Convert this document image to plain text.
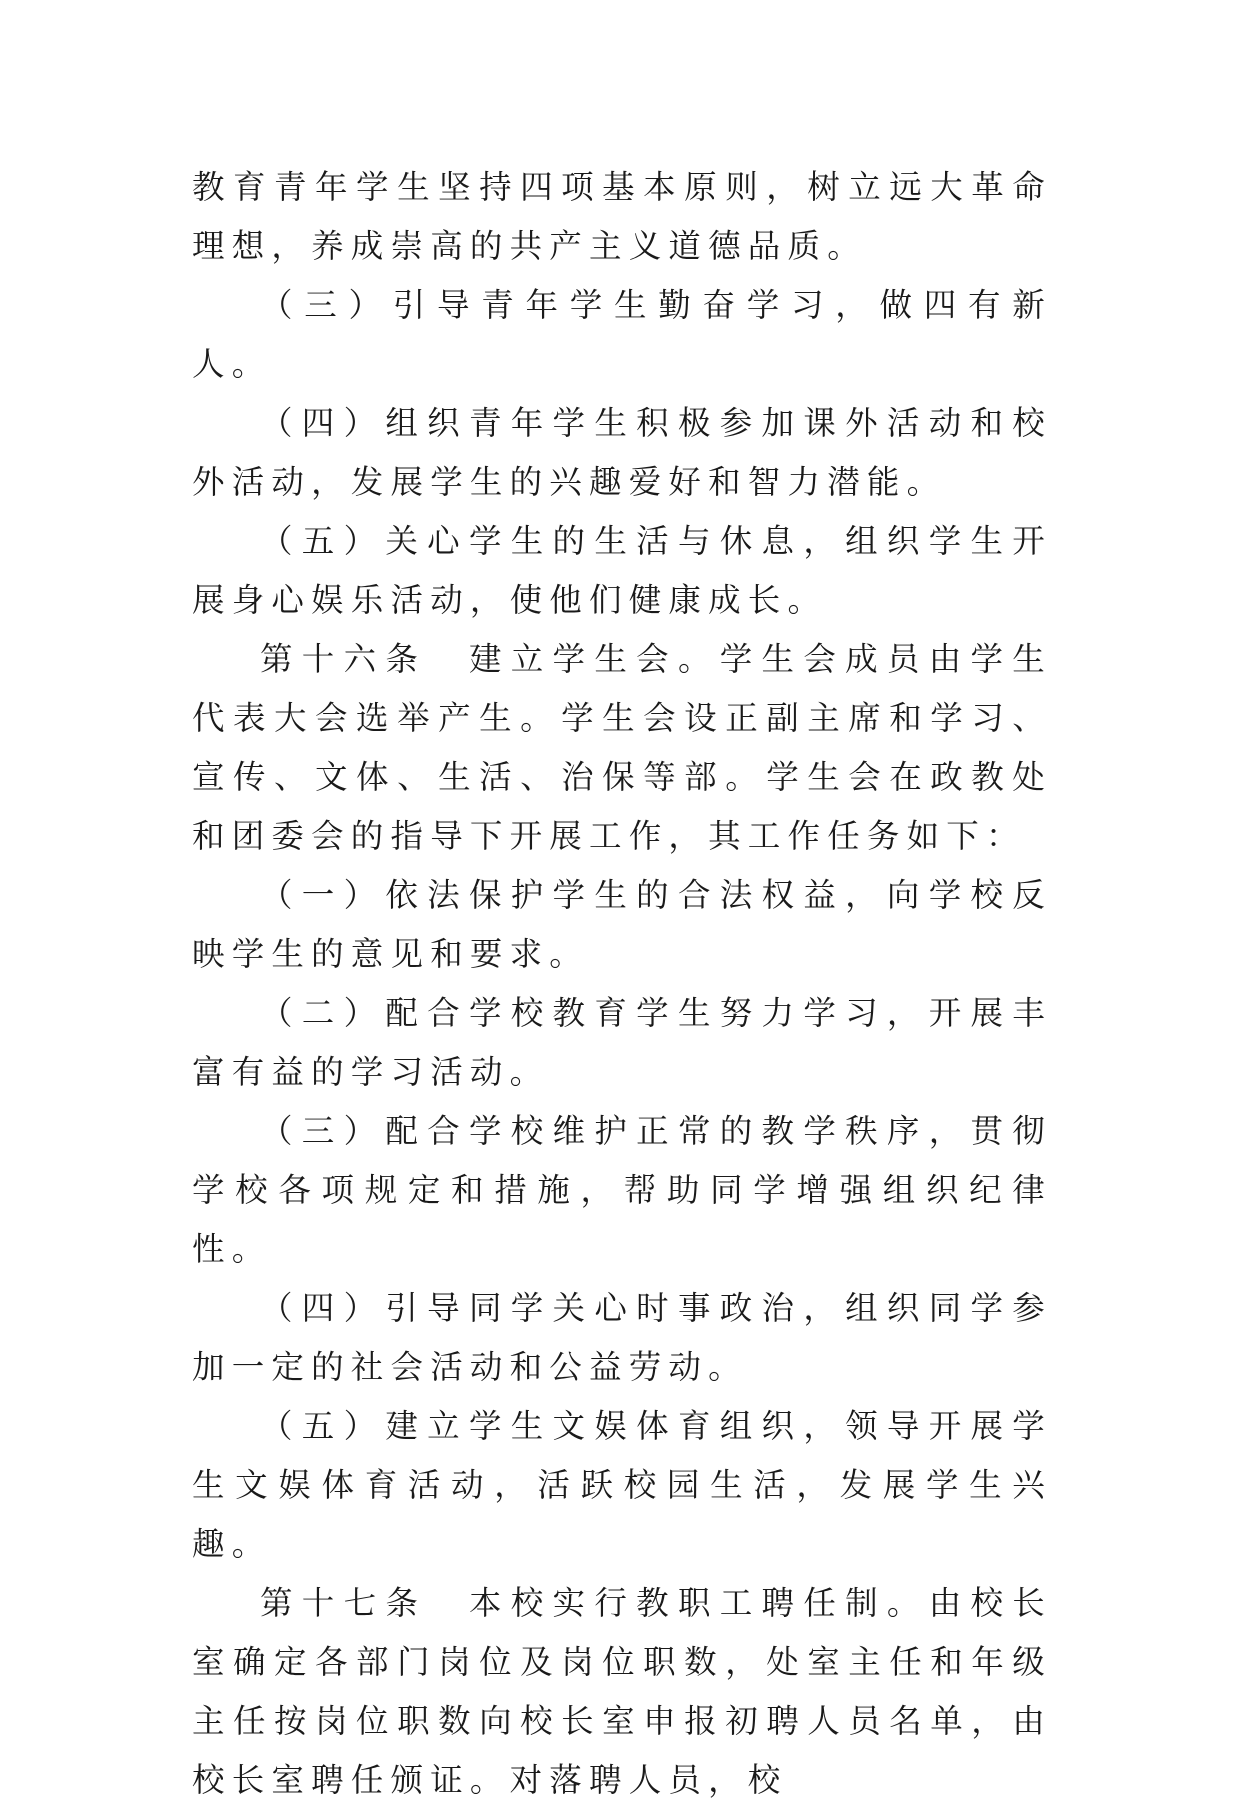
教育青年学生坚持四项基本原则，树立远大革命理想，养成崇高的共产主义道德品质。

（三）引导青年学生勤奋学习，做四有新人。

（四）组织青年学生积极参加课外活动和校外活动，发展学生的兴趣爱好和智力潜能。

（五）关心学生的生活与休息，组织学生开展身心娱乐活动，使他们健康成长。

第十六条　建立学生会。学生会成员由学生代表大会选举产生。学生会设正副主席和学习、宣传、文体、生活、治保等部。学生会在政教处和团委会的指导下开展工作，其工作任务如下：

（一）依法保护学生的合法权益，向学校反映学生的意见和要求。

（二）配合学校教育学生努力学习，开展丰富有益的学习活动。

（三）配合学校维护正常的教学秩序，贯彻学校各项规定和措施，帮助同学增强组织纪律性。

（四）引导同学关心时事政治，组织同学参加一定的社会活动和公益劳动。

（五）建立学生文娱体育组织，领导开展学生文娱体育活动，活跃校园生活，发展学生兴趣。

第十七条　本校实行教职工聘任制。由校长室确定各部门岗位及岗位职数，处室主任和年级主任按岗位职数向校长室申报初聘人员名单，由校长室聘任颁证。对落聘人员，校
